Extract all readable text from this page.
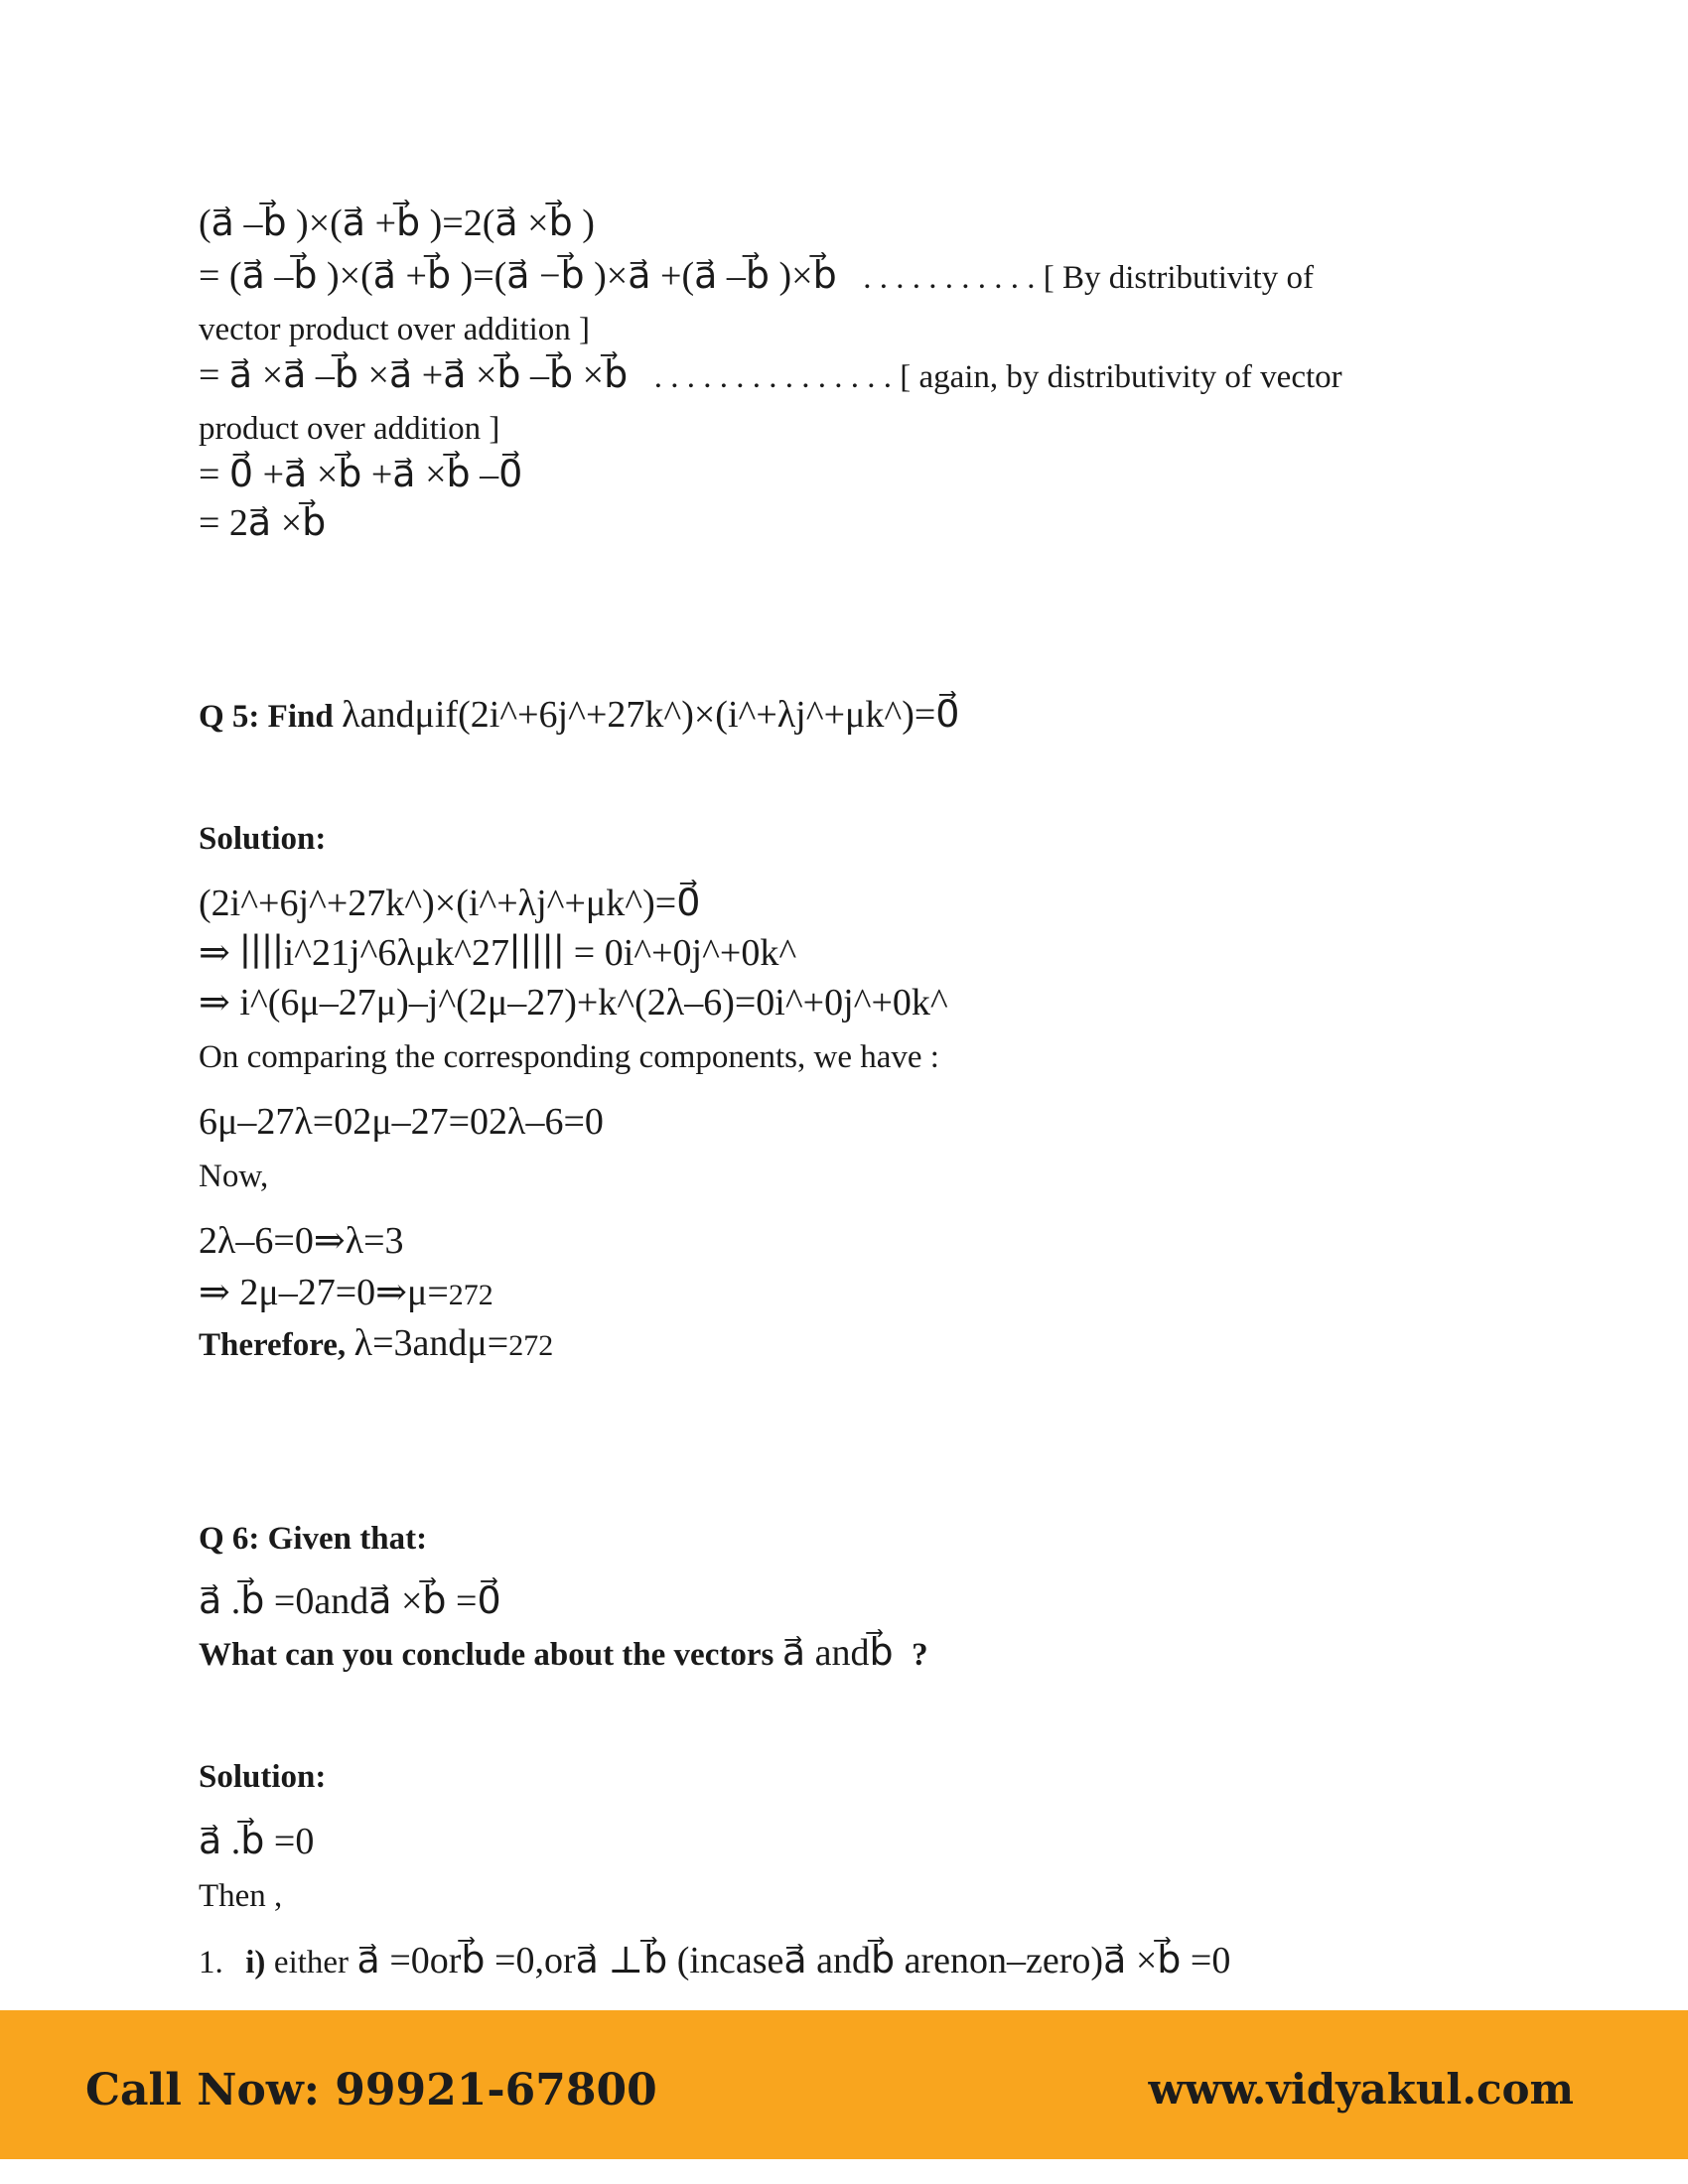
(a⃗ –b⃗ )×(a⃗ +b⃗ )=2(a⃗ ×b⃗ )
= (a⃗ –b⃗ )×(a⃗ +b⃗ )=(a⃗ −b⃗ )×a⃗ +(a⃗ –b⃗ )×b⃗ . . . . . . . . . . . [ By distributivity of
vector product over addition ]
= a⃗ ×a⃗ –b⃗ ×a⃗ +a⃗ ×b⃗ –b⃗ ×b⃗ . . . . . . . . . . . . . . . [ again, by distributivity of vector
product over addition ]
= 0⃗ +a⃗ ×b⃗ +a⃗ ×b⃗ –0⃗
= 2a⃗ ×b⃗
Q 5: Find λandμif(2i^+6j^+27k^)×(i^+λj^+μk^)=0⃗
Solution:
(2i^+6j^+27k^)×(i^+λj^+μk^)=0⃗
⇒ ∣∣∣∣i^21j^6λμk^27∣∣∣∣∣ = 0i^+0j^+0k^
⇒ i^(6μ–27μ)–j^(2μ–27)+k^(2λ–6)=0i^+0j^+0k^
On comparing the corresponding components, we have :
6μ–27λ=02μ–27=02λ–6=0
Now,
2λ–6=0⇒λ=3
⇒ 2μ–27=0⇒μ=272
Therefore, λ=3andμ=272
Q 6: Given that:
a⃗ .b⃗ =0anda⃗ ×b⃗ =0⃗
What can you conclude about the vectors a⃗ andb⃗ ?
Solution:
a⃗ .b⃗ =0
Then ,
1. i) either a⃗ =0orb⃗ =0,ora⃗ ⊥b⃗ (incasea⃗ andb⃗ arenon–zero)a⃗ ×b⃗ =0
Call Now: 99921-67800	www.vidyakul.com
